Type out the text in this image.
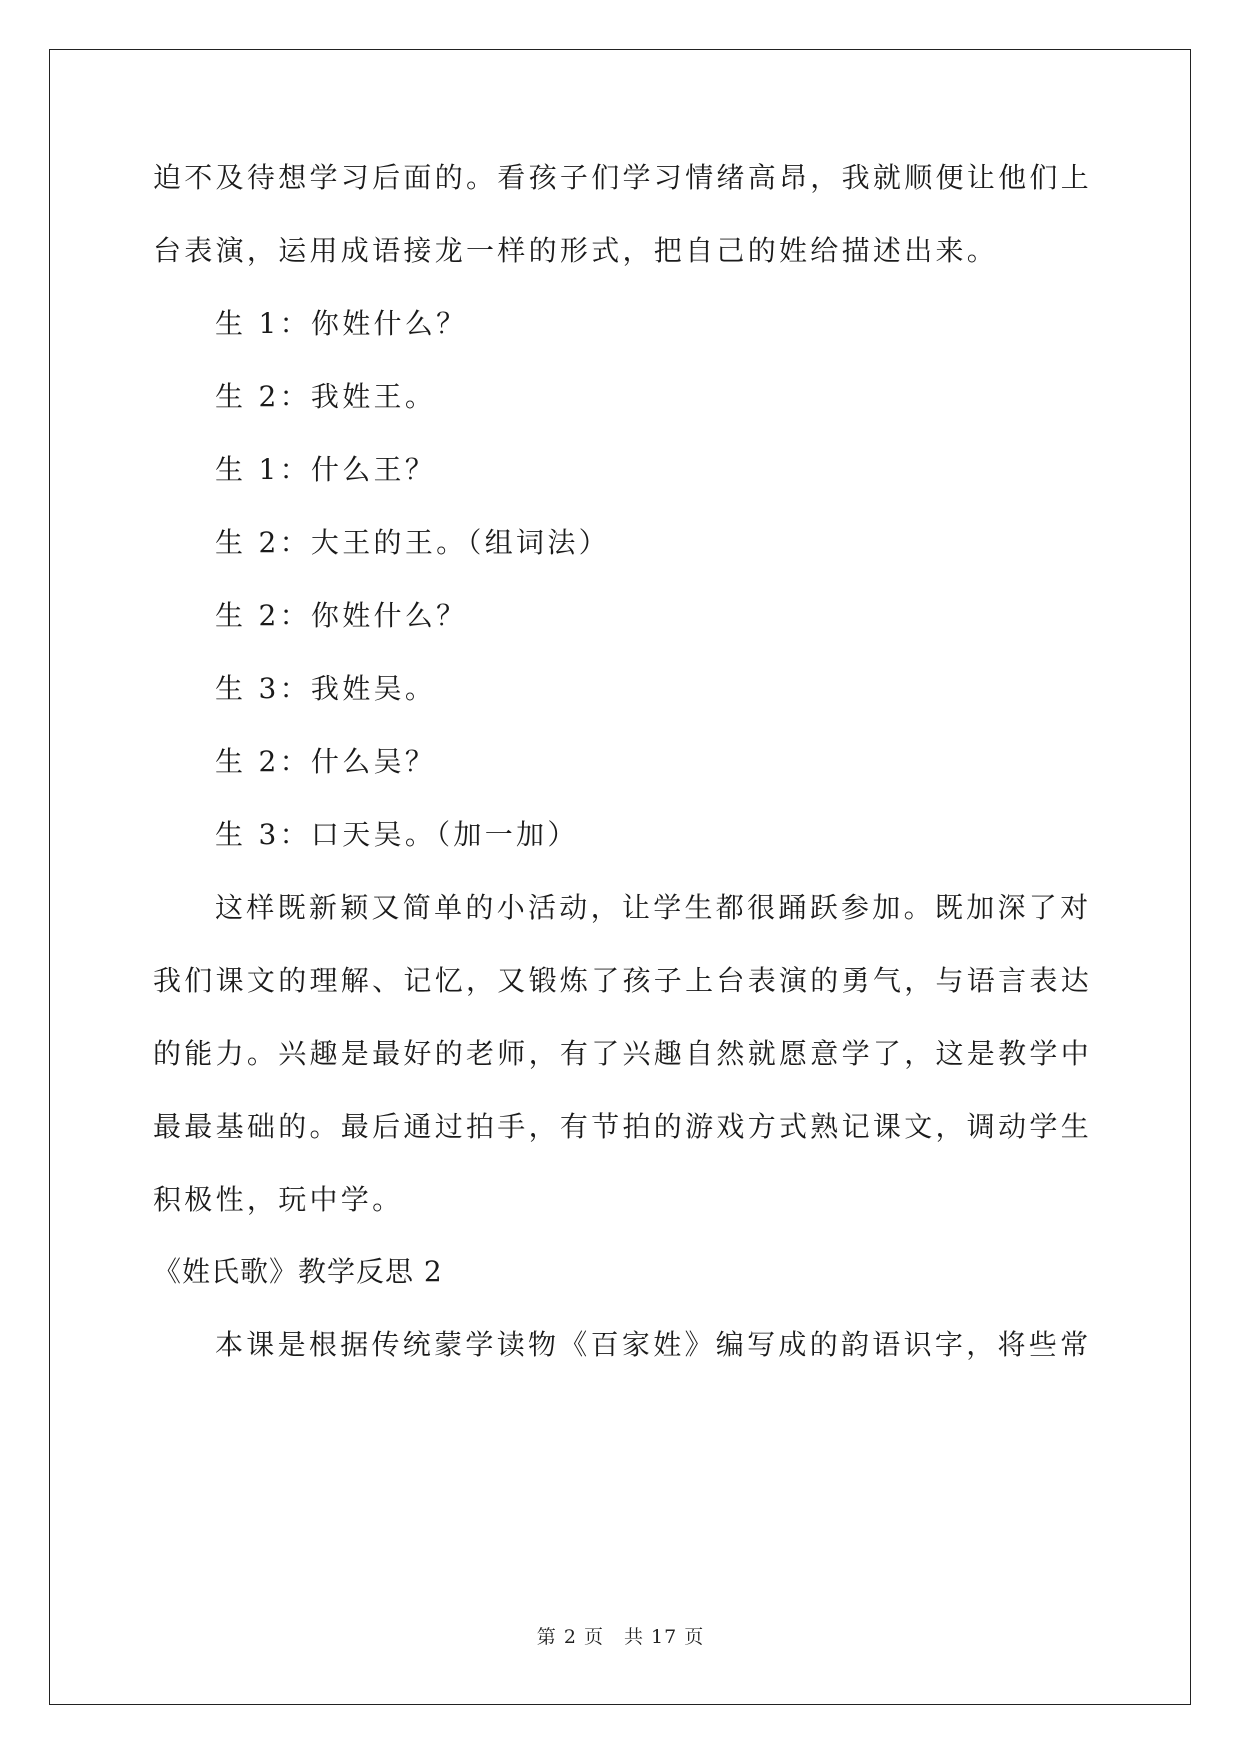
迫不及待想学习后面的。看孩子们学习情绪高昂，我就顺便让他们上

台表演，运用成语接龙一样的形式，把自己的姓给描述出来。

生 1：你姓什么？

生 2：我姓王。

生 1：什么王？

生 2：大王的王。（组词法）

生 2：你姓什么？

生 3：我姓吴。

生 2：什么吴？

生 3：口天吴。（加一加）

这样既新颖又简单的小活动，让学生都很踊跃参加。既加深了对

我们课文的理解、记忆，又锻炼了孩子上台表演的勇气，与语言表达

的能力。兴趣是最好的老师，有了兴趣自然就愿意学了，这是教学中

最最基础的。最后通过拍手，有节拍的游戏方式熟记课文，调动学生

积极性，玩中学。

《姓氏歌》教学反思 2

本课是根据传统蒙学读物《百家姓》编写成的韵语识字，将些常

第 2 页　共 17 页
